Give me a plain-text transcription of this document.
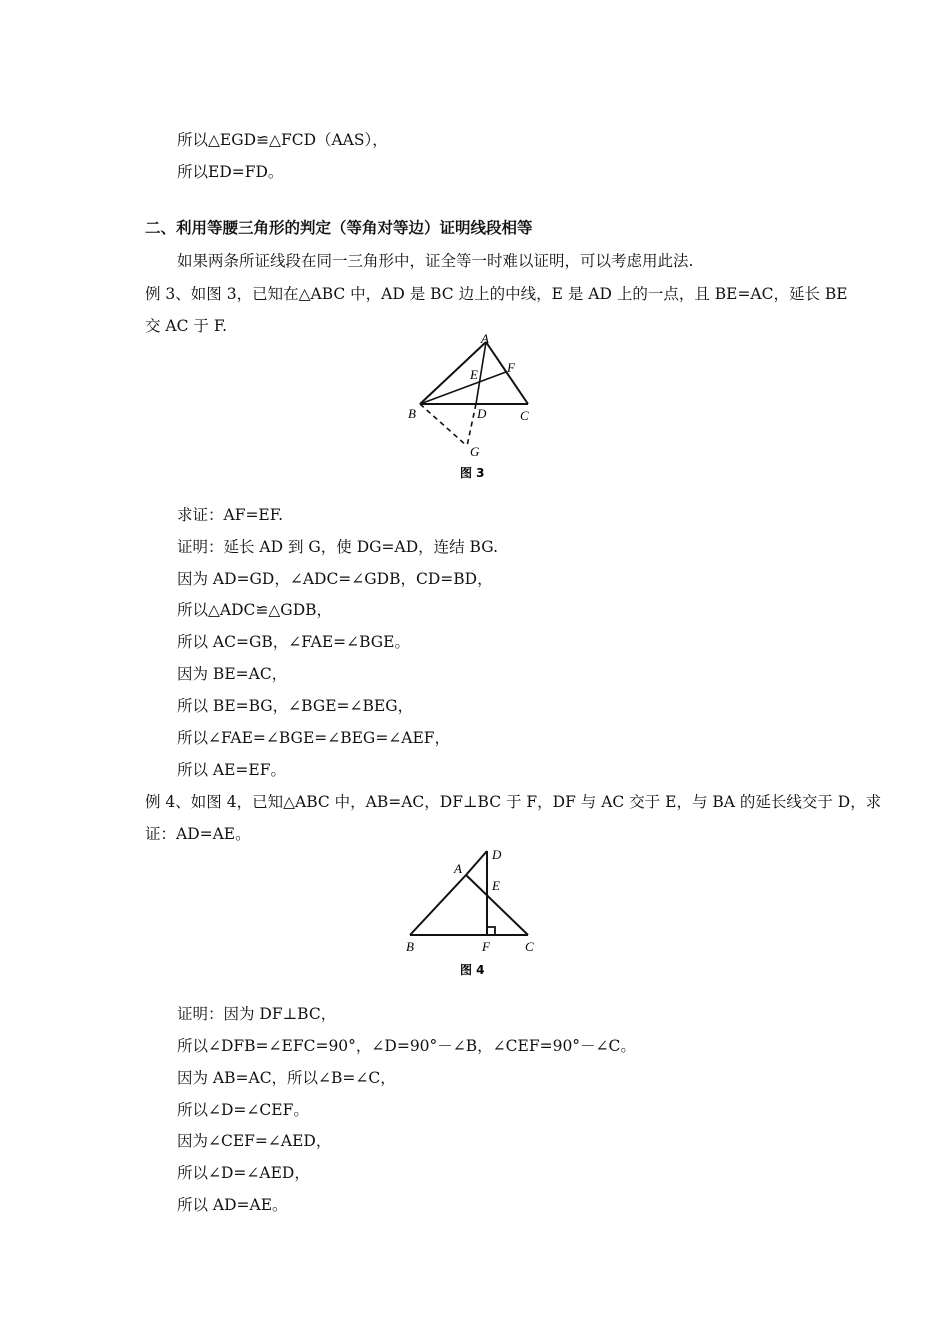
所以△EGD≌△FCD（AAS），
所以ED=FD。
二、利用等腰三角形的判定（等角对等边）证明线段相等
如果两条所证线段在同一三角形中，证全等一时难以证明，可以考虑用此法.
例 3、如图 3，已知在△ABC 中，AD 是 BC 边上的中线，E 是 AD 上的一点，且 BE=AC，延长 BE
交 AC 于 F.
A
B	C
D
E F
G
图 3
求证：AF=EF.
证明：延长 AD 到 G，使 DG=AD，连结 BG.
因为 AD=GD，∠ADC=∠GDB，CD=BD，
所以△ADC≌△GDB，
所以 AC=GB，∠FAE=∠BGE。
因为 BE=AC，
所以 BE=BG，∠BGE=∠BEG，
所以∠FAE=∠BGE=∠BEG=∠AEF，
所以 AE=EF。
例 4、如图 4，已知△ABC 中，AB=AC，DF⊥BC 于 F，DF 与 AC 交于 E，与 BA 的延长线交于 D，求
证：AD=AE。
A
B	C
D
E
F
图 4
证明：因为 DF⊥BC，
所以∠DFB=∠EFC=90°，∠D=90°－∠B，∠CEF=90°－∠C。
因为 AB=AC，所以∠B=∠C，
所以∠D=∠CEF。
因为∠CEF=∠AED，
所以∠D=∠AED，
所以 AD=AE。
